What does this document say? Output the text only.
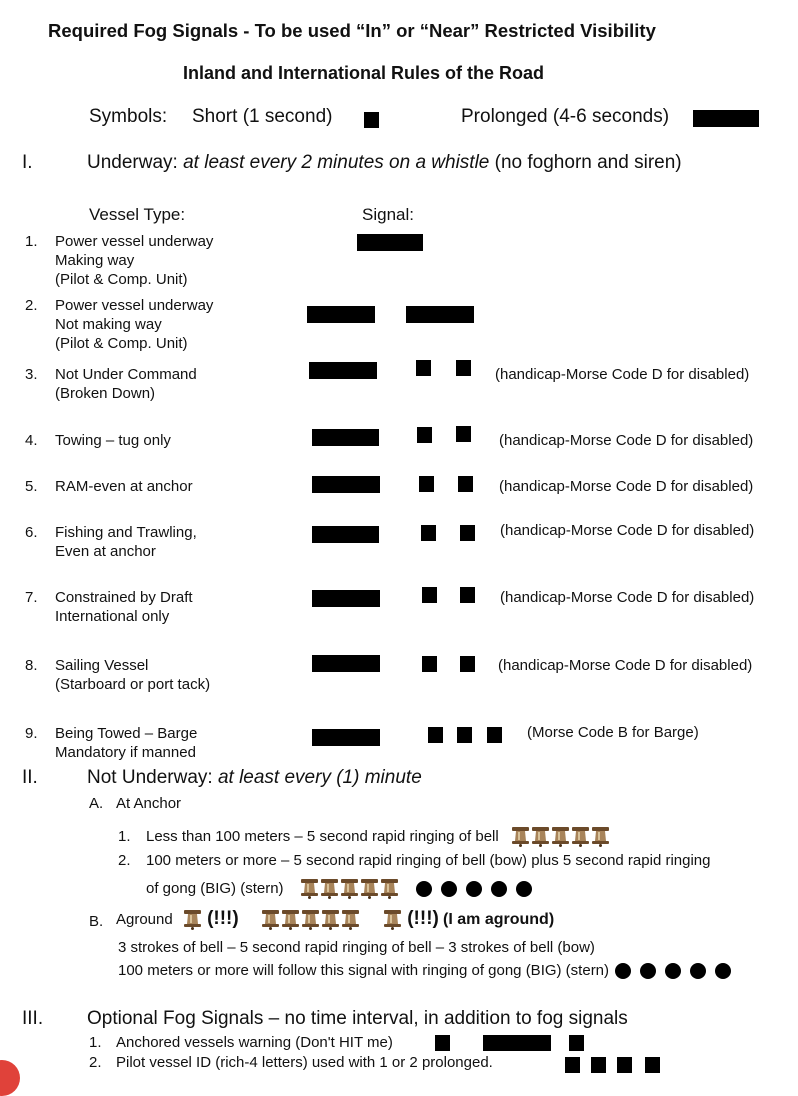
Required Fog Signals - To be used “In” or “Near” Restricted Visibility
Inland and International Rules of the Road
Symbols: Short (1 second)	Prolonged (4-6 seconds)
I.	Underway: at least every 2 minutes on a whistle (no foghorn and siren)
Vessel Type:	Signal:
1. Power vessel underway
Making way
(Pilot & Comp. Unit)
2. Power vessel underway
Not making way
(Pilot & Comp. Unit)
3. Not Under Command
(Broken Down)
(handicap-Morse Code D for disabled)
4. Towing – tug only	(handicap-Morse Code D for disabled)
5. RAM-even at anchor	(handicap-Morse Code D for disabled)
6. Fishing and Trawling,
Even at anchor
(handicap-Morse Code D for disabled)
7. Constrained by Draft
International only
(handicap-Morse Code D for disabled)
8. Sailing Vessel
(Starboard or port tack)
(handicap-Morse Code D for disabled)
9. Being Towed – Barge
Mandatory if manned
(Morse Code B for Barge)
II.	Not Underway: at least every (1) minute
A. At Anchor
1. Less than 100 meters – 5 second rapid ringing of bell
2. 100 meters or more – 5 second rapid ringing of bell (bow) plus 5 second rapid ringing
of gong (BIG) (stern)
B. Aground (!!!)	(!!!) (I am aground)
3 strokes of bell – 5 second rapid ringing of bell – 3 strokes of bell (bow)
100 meters or more will follow this signal with ringing of gong (BIG) (stern)
III. Optional Fog Signals – no time interval, in addition to fog signals
1. Anchored vessels warning (Don't HIT me)
2. Pilot vessel ID (rich-4 letters) used with 1 or 2 prolonged.
